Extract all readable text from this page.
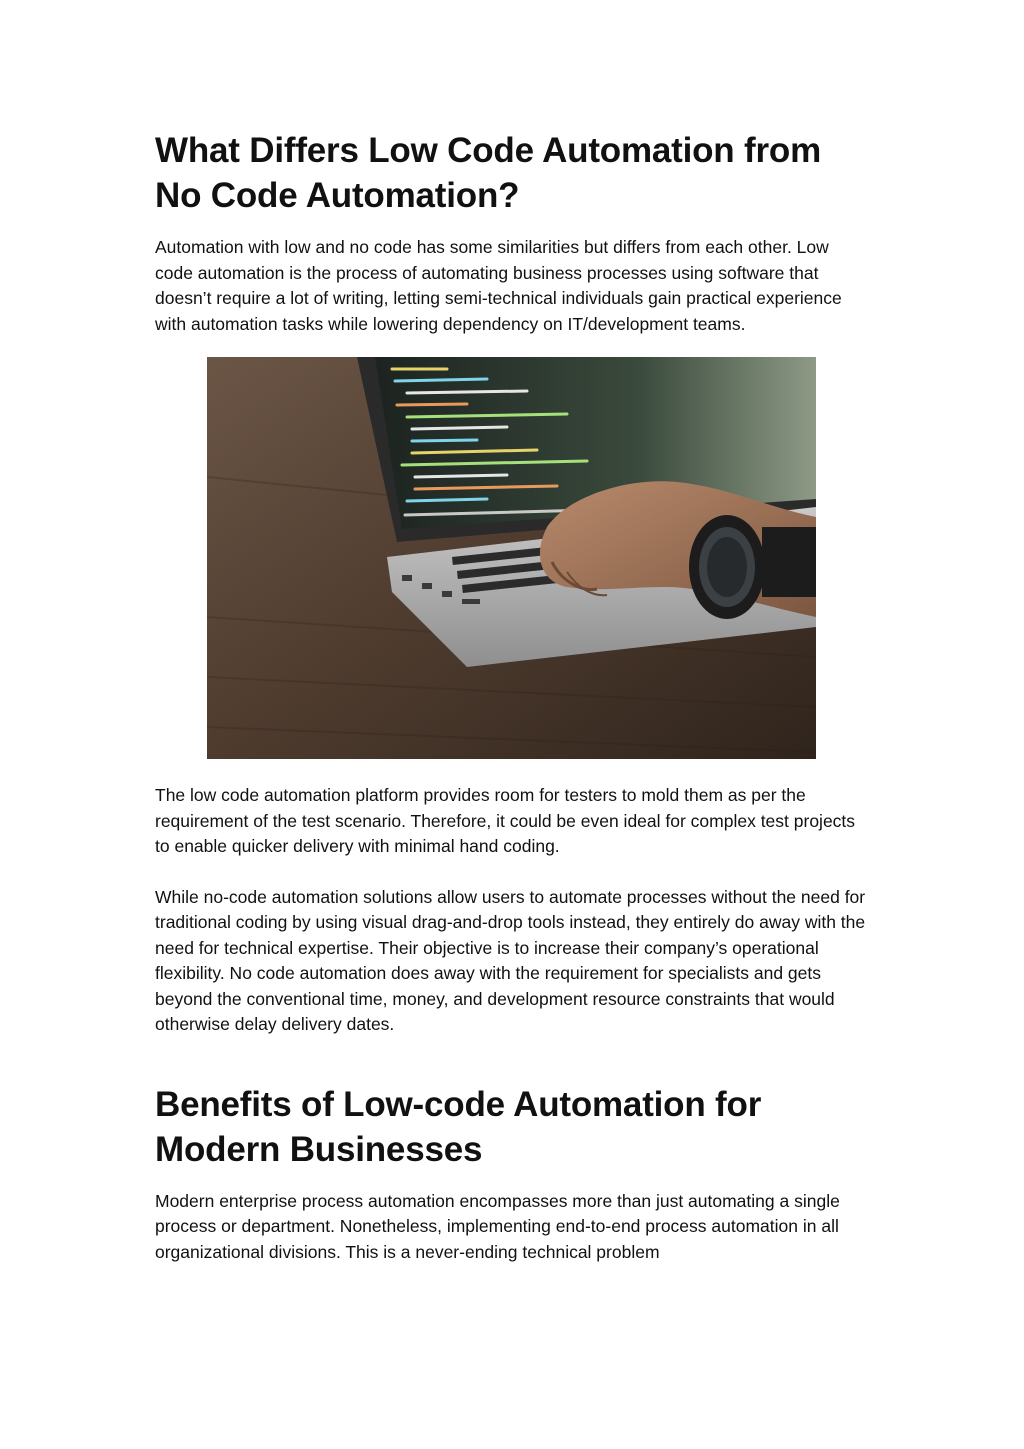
What Differs Low Code Automation from No Code Automation?

Automation with low and no code has some similarities but differs from each other. Low code automation is the process of automating business processes using software that doesn’t require a lot of writing, letting semi-technical individuals gain practical experience with automation tasks while lowering dependency on IT/development teams.

The low code automation platform provides room for testers to mold them as per the requirement of the test scenario. Therefore, it could be even ideal for complex test projects to enable quicker delivery with minimal hand coding.

While no-code automation solutions allow users to automate processes without the need for traditional coding by using visual drag-and-drop tools instead, they entirely do away with the need for technical expertise. Their objective is to increase their company’s operational flexibility. No code automation does away with the requirement for specialists and gets beyond the conventional time, money, and development resource constraints that would otherwise delay delivery dates.

Benefits of Low-code Automation for Modern Businesses

Modern enterprise process automation encompasses more than just automating a single process or department. Nonetheless, implementing end-to-end process automation in all organizational divisions. This is a never-ending technical problem
